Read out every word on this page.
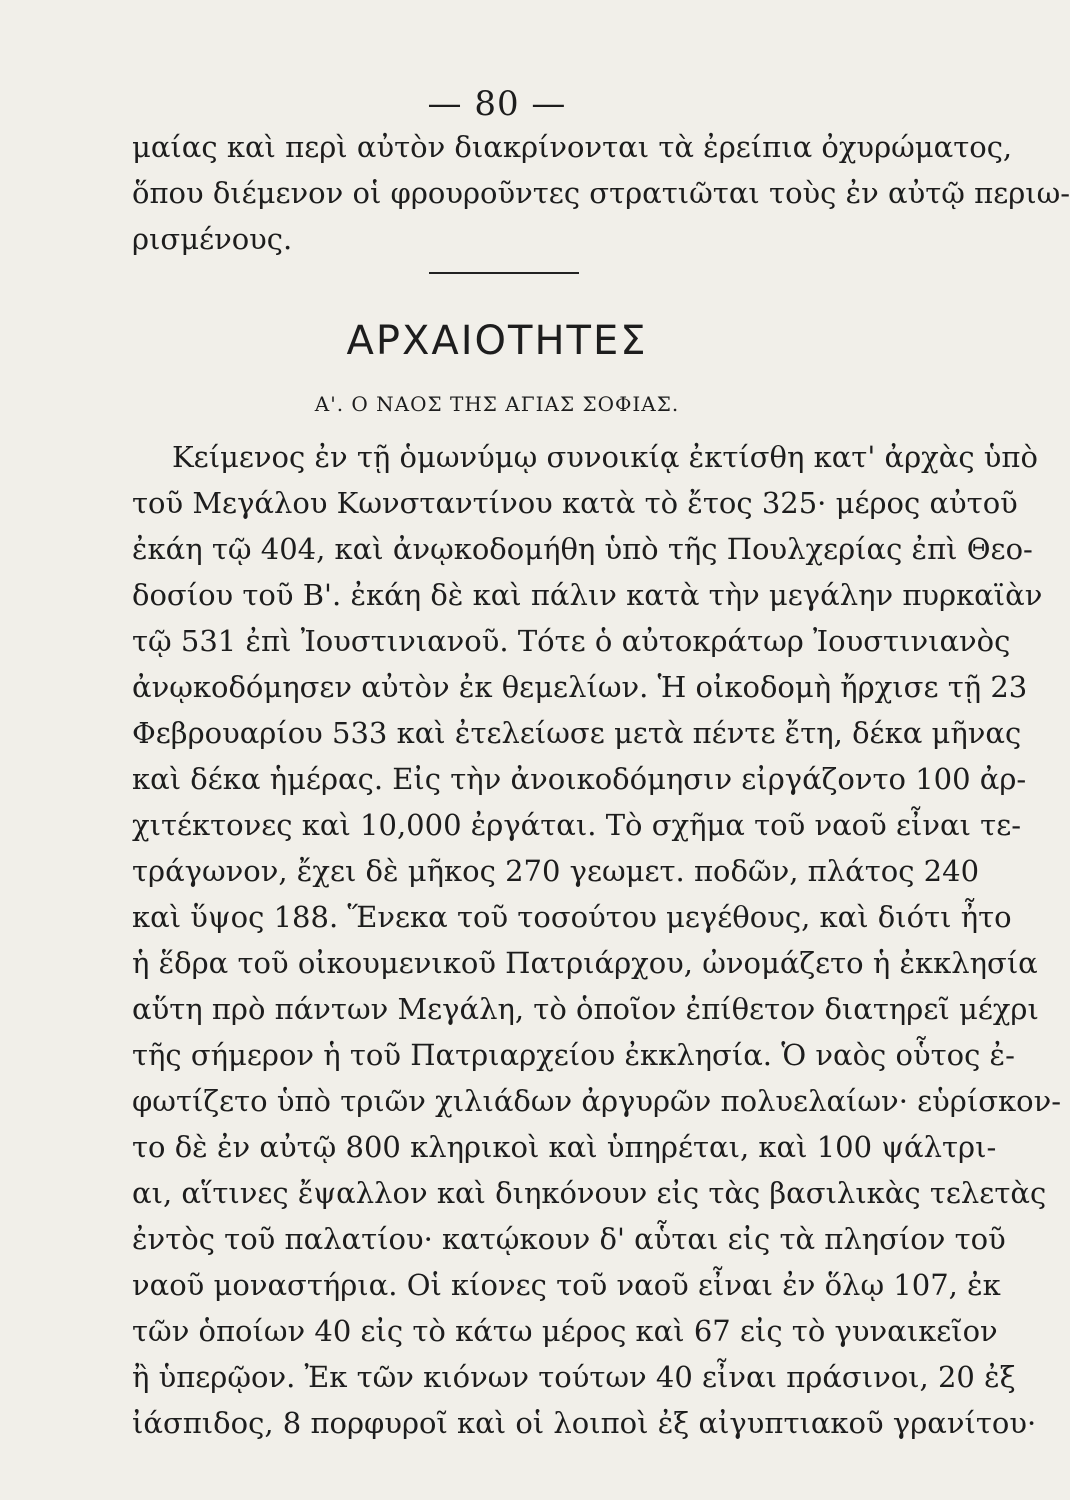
— 80 —
μαίας καὶ περὶ αὐτὸν διακρίνονται τὰ ἐρείπια ὀχυρώματος,
ὅπου διέμενον οἱ φρουροῦντες στρατιῶται τοὺς ἐν αὐτῷ περιω-
ρισμένους.
ΑΡΧΑΙΟΤΗΤΕΣ
Α'. Ο ΝΑΟΣ ΤΗΣ ΑΓΙΑΣ ΣΟΦΙΑΣ.
Κείμενος ἐν τῇ ὁμωνύμῳ συνοικίᾳ ἐκτίσθη κατ' ἀρχὰς ὑπὸ
τοῦ Μεγάλου Κωνσταντίνου κατὰ τὸ ἔτος 325· μέρος αὐτοῦ
ἐκάη τῷ 404, καὶ ἀνῳκοδομήθη ὑπὸ τῆς Πουλχερίας ἐπὶ Θεο-
δοσίου τοῦ Β'. ἐκάη δὲ καὶ πάλιν κατὰ τὴν μεγάλην πυρκαϊὰν
τῷ 531 ἐπὶ Ἰουστινιανοῦ. Τότε ὁ αὐτοκράτωρ Ἰουστινιανὸς
ἀνῳκοδόμησεν αὐτὸν ἐκ θεμελίων. Ἡ οἰκοδομὴ ἤρχισε τῇ 23
Φεβρουαρίου 533 καὶ ἐτελείωσε μετὰ πέντε ἔτη, δέκα μῆνας
καὶ δέκα ἡμέρας. Εἰς τὴν ἀνοικοδόμησιν εἰργάζοντο 100 ἀρ-
χιτέκτονες καὶ 10,000 ἐργάται. Τὸ σχῆμα τοῦ ναοῦ εἶναι τε-
τράγωνον, ἔχει δὲ μῆκος 270 γεωμετ. ποδῶν, πλάτος 240
καὶ ὕψος 188. Ἕνεκα τοῦ τοσούτου μεγέθους, καὶ διότι ἦτο
ἡ ἕδρα τοῦ οἰκουμενικοῦ Πατριάρχου, ὠνομάζετο ἡ ἐκκλησία
αὕτη πρὸ πάντων Μεγάλη, τὸ ὁποῖον ἐπίθετον διατηρεῖ μέχρι
τῆς σήμερον ἡ τοῦ Πατριαρχείου ἐκκλησία. Ὁ ναὸς οὗτος ἐ-
φωτίζετο ὑπὸ τριῶν χιλιάδων ἀργυρῶν πολυελαίων· εὑρίσκον-
το δὲ ἐν αὐτῷ 800 κληρικοὶ καὶ ὑπηρέται, καὶ 100 ψάλτρι-
αι, αἵτινες ἔψαλλον καὶ διηκόνουν εἰς τὰς βασιλικὰς τελετὰς
ἐντὸς τοῦ παλατίου· κατῴκουν δ' αὗται εἰς τὰ πλησίον τοῦ
ναοῦ μοναστήρια. Οἱ κίονες τοῦ ναοῦ εἶναι ἐν ὅλῳ 107, ἐκ
τῶν ὁποίων 40 εἰς τὸ κάτω μέρος καὶ 67 εἰς τὸ γυναικεῖον
ἢ ὑπερῷον. Ἐκ τῶν κιόνων τούτων 40 εἶναι πράσινοι, 20 ἐξ
ἰάσπιδος, 8 πορφυροῖ καὶ οἱ λοιποὶ ἐξ αἰγυπτιακοῦ γρανίτου·
